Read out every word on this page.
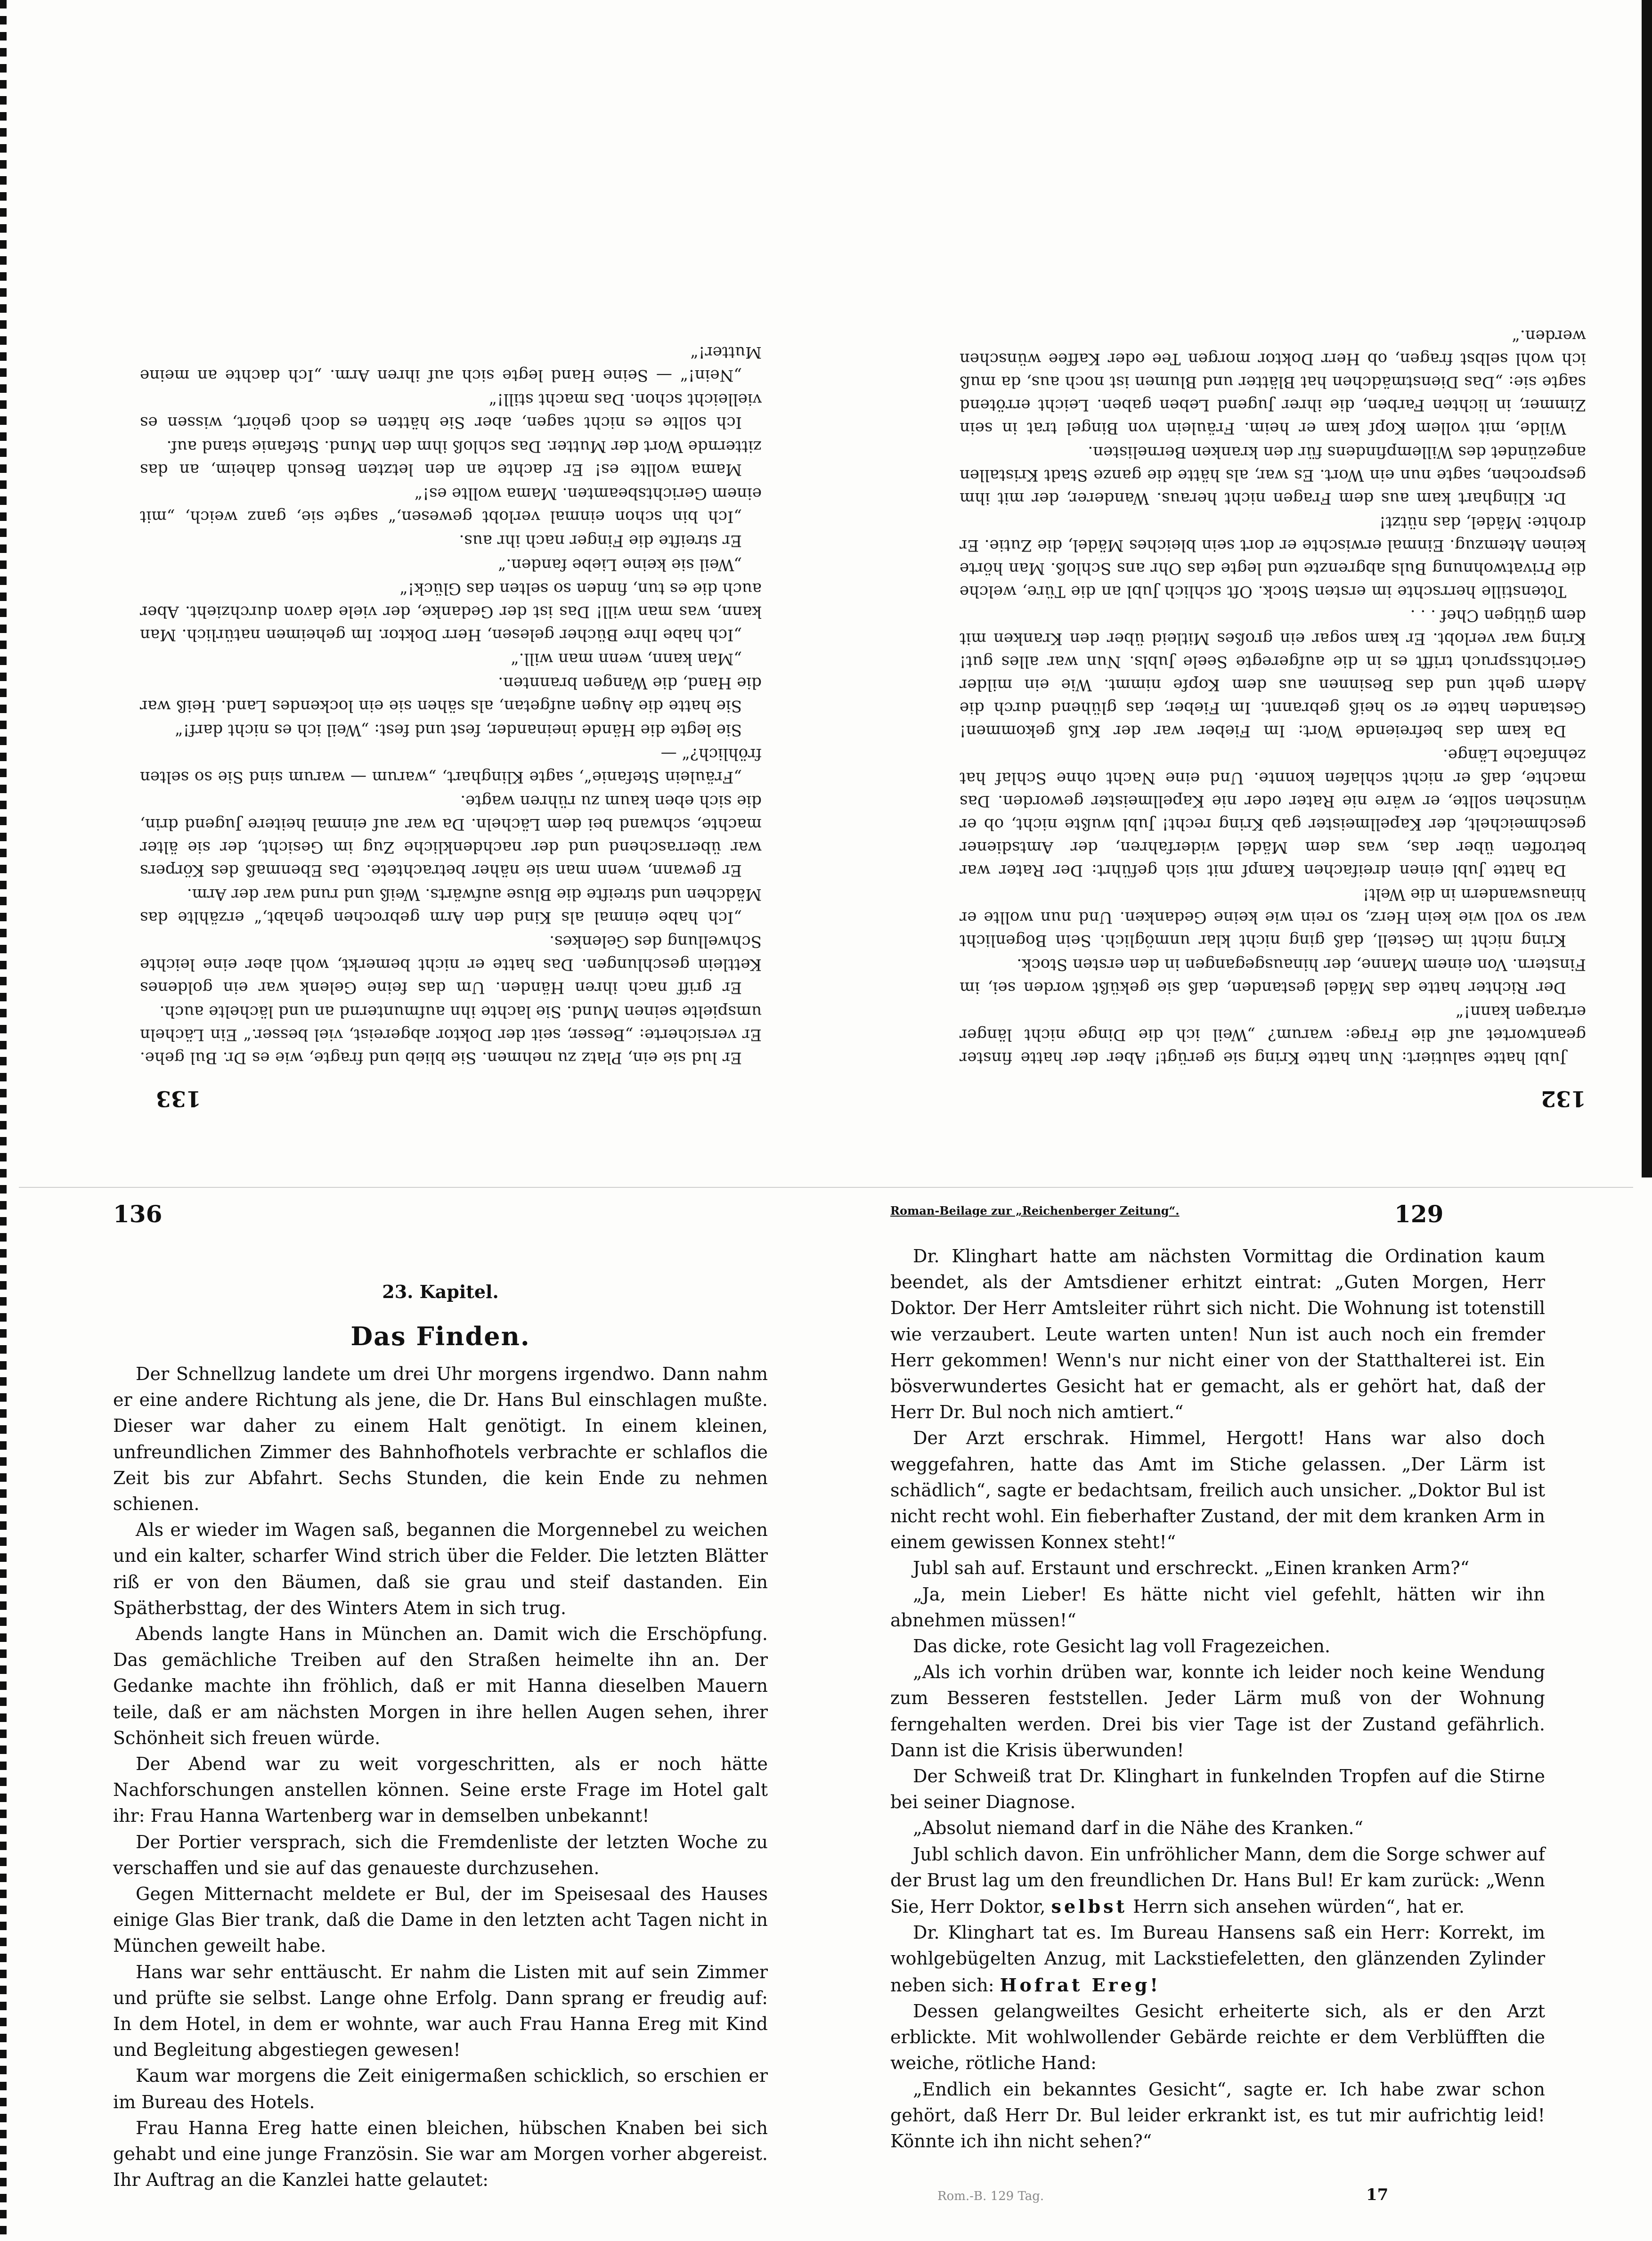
132
133

Jubl hatte salutiert: Nun hatte Kring sie gerügt! Aber der hatte finster geantwortet auf die Frage: warum? „Weil ich die Dinge nicht länger ertragen kann!“

Der Richter hatte das Mädel gestanden, daß sie geküßt worden sei, im Finstern. Von einem Manne, der hinausgegangen in den ersten Stock.

Kring nicht im Gestell, daß ging nicht klar unmöglich. Sein Bogenlicht war so voll wie kein Herz, so rein wie keine Gedanken. Und nun wollte er hinauswandern in die Welt!

Da hatte Jubl einen dreifachen Kampf mit sich geführt: Der Rater war betroffen über das, was dem Mädel widerfahren, der Amtsdiener geschmeichelt, der Kapellmeister gab Kring recht! Jubl wußte nicht, ob er wünschen sollte, er wäre nie Rater oder nie Kapellmeister geworden. Das machte, daß er nicht schlafen konnte. Und eine Nacht ohne Schlaf hat zehnfache Länge.

Da kam das befreiende Wort: Im Fieber war der Kuß gekommen! Gestanden hatte er so heiß gebrannt. Im Fieber, das glühend durch die Adern geht und das Besinnen aus dem Kopfe nimmt. Wie ein milder Gerichtsspruch trifft es in die aufgeregte Seele Jubls. Nun war alles gut! Kring war verlobt. Er kam sogar ein großes Mitleid über den Kranken mit dem gütigen Chef . . .

Totenstille herrschte im ersten Stock. Oft schlich Jubl an die Türe, welche die Privatwohnung Buls abgrenzte und legte das Ohr ans Schloß. Man hörte keinen Atemzug. Einmal erwischte er dort sein bleiches Mädel, die Zutie. Er drohte: Mädel, das nützt!

Dr. Klinghart kam aus dem Fragen nicht heraus. Wanderer, der mit ihm gesprochen, sagte nun ein Wort. Es war, als hätte die ganze Stadt Kristallen angezündet des Willempfindens für den kranken Bernelisten.

Wilde, mit vollem Kopf kam er heim. Fräulein von Bingel trat in sein Zimmer, in lichten Farben, die ihrer Jugend Leben gaben. Leicht errötend sagte sie: „Das Dienstmädchen hat Blätter und Blumen ist noch aus, da muß ich wohl selbst fragen, ob Herr Doktor morgen Tee oder Kaffee wünschen werden.“

Er lud sie ein, Platz zu nehmen. Sie blieb und fragte, wie es Dr. Bul gehe. Er versicherte: „Besser, seit der Doktor abgereist, viel besser.“ Ein Lächeln umspielte seinen Mund. Sie lachte ihn aufmunternd an und lächelte auch.

Er griff nach ihren Händen. Um das feine Gelenk war ein goldenes Kettlein geschlungen. Das hatte er nicht bemerkt, wohl aber eine leichte Schwellung des Gelenkes.

„Ich habe einmal als Kind den Arm gebrochen gehabt,“ erzählte das Mädchen und streifte die Bluse aufwärts. Weiß und rund war der Arm.

Er gewann, wenn man sie näher betrachtete. Das Ebenmaß des Körpers war überraschend und der nachdenkliche Zug im Gesicht, der sie älter machte, schwand bei dem Lächeln. Da war auf einmal heitere Jugend drin, die sich eben kaum zu rühren wagte.

„Fräulein Stefanie“, sagte Klinghart, „warum — warum sind Sie so selten fröhlich?“ —

Sie legte die Hände ineinander, fest und fest: „Weil ich es nicht darf!“

Sie hatte die Augen aufgetan, als sähen sie ein lockendes Land. Heiß war die Hand, die Wangen brannten.

„Man kann, wenn man will.“

„Ich habe Ihre Bücher gelesen, Herr Doktor. Im geheimen natürlich. Man kann, was man will! Das ist der Gedanke, der viele davon durchzieht. Aber auch die es tun, finden so selten das Glück!“

„Weil sie keine Liebe fanden.“

Er streifte die Finger nach ihr aus.

„Ich bin schon einmal verlobt gewesen,“ sagte sie, ganz weich, „mit einem Gerichtsbeamten. Mama wollte es!“

Mama wollte es! Er dachte an den letzten Besuch daheim, an das zitternde Wort der Mutter. Das schloß ihm den Mund. Stefanie stand auf.

Ich sollte es nicht sagen, aber Sie hätten es doch gehört, wissen es vielleicht schon. Das macht still!“

„Nein!“ — Seine Hand legte sich auf ihren Arm. „Ich dachte an meine Mutter!“

136
23. Kapitel.
Das Finden.

Der Schnellzug landete um drei Uhr morgens irgendwo. Dann nahm er eine andere Richtung als jene, die Dr. Hans Bul einschlagen mußte. Dieser war daher zu einem Halt genötigt. In einem kleinen, unfreundlichen Zimmer des Bahnhofhotels verbrachte er schlaflos die Zeit bis zur Abfahrt. Sechs Stunden, die kein Ende zu nehmen schienen.

Als er wieder im Wagen saß, begannen die Morgennebel zu weichen und ein kalter, scharfer Wind strich über die Felder. Die letzten Blätter riß er von den Bäumen, daß sie grau und steif dastanden. Ein Spätherbsttag, der des Winters Atem in sich trug.

Abends langte Hans in München an. Damit wich die Erschöpfung. Das gemächliche Treiben auf den Straßen heimelte ihn an. Der Gedanke machte ihn fröhlich, daß er mit Hanna dieselben Mauern teile, daß er am nächsten Morgen in ihre hellen Augen sehen, ihrer Schönheit sich freuen würde.

Der Abend war zu weit vorgeschritten, als er noch hätte Nachforschungen anstellen können. Seine erste Frage im Hotel galt ihr: Frau Hanna Wartenberg war in demselben unbekannt!

Der Portier versprach, sich die Fremdenliste der letzten Woche zu verschaffen und sie auf das genaueste durchzusehen.

Gegen Mitternacht meldete er Bul, der im Speisesaal des Hauses einige Glas Bier trank, daß die Dame in den letzten acht Tagen nicht in München geweilt habe.

Hans war sehr enttäuscht. Er nahm die Listen mit auf sein Zimmer und prüfte sie selbst. Lange ohne Erfolg. Dann sprang er freudig auf: In dem Hotel, in dem er wohnte, war auch Frau Hanna Ereg mit Kind und Begleitung abgestiegen gewesen!

Kaum war morgens die Zeit einigermaßen schicklich, so erschien er im Bureau des Hotels.

Frau Hanna Ereg hatte einen bleichen, hübschen Knaben bei sich gehabt und eine junge Französin. Sie war am Morgen vorher abgereist. Ihr Auftrag an die Kanzlei hatte gelautet:

Roman-Beilage zur „Reichenberger Zeitung“.	129

Dr. Klinghart hatte am nächsten Vormittag die Ordination kaum beendet, als der Amtsdiener erhitzt eintrat: „Guten Morgen, Herr Doktor. Der Herr Amtsleiter rührt sich nicht. Die Wohnung ist totenstill wie verzaubert. Leute warten unten! Nun ist auch noch ein fremder Herr gekommen! Wenn's nur nicht einer von der Statthalterei ist. Ein bösverwundertes Gesicht hat er gemacht, als er gehört hat, daß der Herr Dr. Bul noch nich amtiert.“

Der Arzt erschrak. Himmel, Hergott! Hans war also doch weggefahren, hatte das Amt im Stiche gelassen. „Der Lärm ist schädlich“, sagte er bedachtsam, freilich auch unsicher. „Doktor Bul ist nicht recht wohl. Ein fieberhafter Zustand, der mit dem kranken Arm in einem gewissen Konnex steht!“

Jubl sah auf. Erstaunt und erschreckt. „Einen kranken Arm?“

„Ja, mein Lieber! Es hätte nicht viel gefehlt, hätten wir ihn abnehmen müssen!“

Das dicke, rote Gesicht lag voll Fragezeichen.

„Als ich vorhin drüben war, konnte ich leider noch keine Wendung zum Besseren feststellen. Jeder Lärm muß von der Wohnung ferngehalten werden. Drei bis vier Tage ist der Zustand gefährlich. Dann ist die Krisis überwunden!

Der Schweiß trat Dr. Klinghart in funkelnden Tropfen auf die Stirne bei seiner Diagnose.

„Absolut niemand darf in die Nähe des Kranken.“

Jubl schlich davon. Ein unfröhlicher Mann, dem die Sorge schwer auf der Brust lag um den freundlichen Dr. Hans Bul! Er kam zurück: „Wenn Sie, Herr Doktor, selbst Herrn sich ansehen würden“, hat er.

Dr. Klinghart tat es. Im Bureau Hansens saß ein Herr: Korrekt, im wohlgebügelten Anzug, mit Lackstiefeletten, den glänzenden Zylinder neben sich: Hofrat Ereg!

Dessen gelangweiltes Gesicht erheiterte sich, als er den Arzt erblickte. Mit wohlwollender Gebärde reichte er dem Verblüfften die weiche, rötliche Hand:

„Endlich ein bekanntes Gesicht“, sagte er. Ich habe zwar schon gehört, daß Herr Dr. Bul leider erkrankt ist, es tut mir aufrichtig leid! Könnte ich ihn nicht sehen?“

Rom.-B. 129 Tag.	17
